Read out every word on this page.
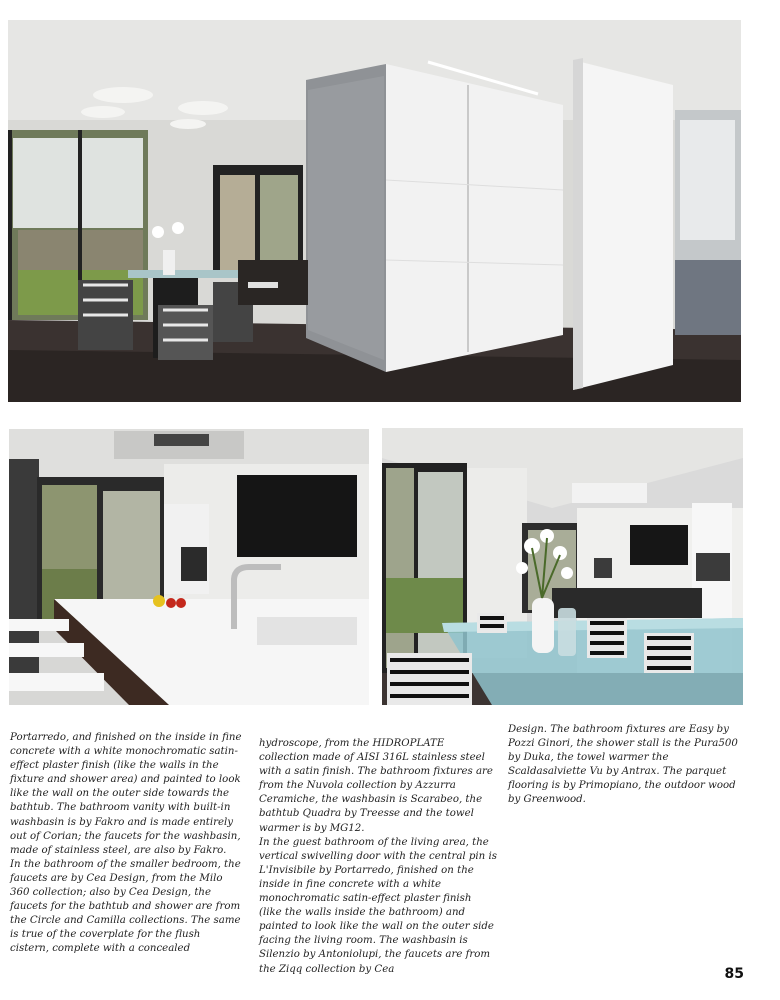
Portarredo, and finished on the inside in fine concrete with a white monochromatic satin-effect plaster finish (like the walls in the fixture and shower area) and painted to look like the wall on the outer side towards the bathtub. The bathroom vanity with built-in washbasin is by Fakro and is made entirely out of Corian; the faucets for the washbasin, made of stainless steel, are also by Fakro.

In the bathroom of the smaller bedroom, the faucets are by Cea Design, from the Milo 360 collection; also by Cea Design, the faucets for the bathtub and shower are from the Circle and Camilla collections. The same is true of the coverplate for the flush cistern, complete with a concealed

hydroscope, from the HIDROPLATE collection made of AISI 316L stainless steel with a satin finish. The bathroom fixtures are from the Nuvola collection by Azzurra Ceramiche, the washbasin is Scarabeo, the bathtub Quadra by Treesse and the towel warmer is by MG12.

In the guest bathroom of the living area, the vertical swivelling door with the central pin is L'Invisibile by Portarredo, finished on the inside in fine concrete with a white monochromatic satin-effect plaster finish (like the walls inside the bathroom) and painted to look like the wall on the outer side facing the living room. The washbasin is Silenzio by Antoniolupi, the faucets are from the Ziqq collection by Cea

Design. The bathroom fixtures are Easy by Pozzi Ginori, the shower stall is the Pura500 by Duka, the towel warmer the Scaldasalviette Vu by Antrax. The parquet flooring is by Primopiano, the outdoor wood by Greenwood.

85
